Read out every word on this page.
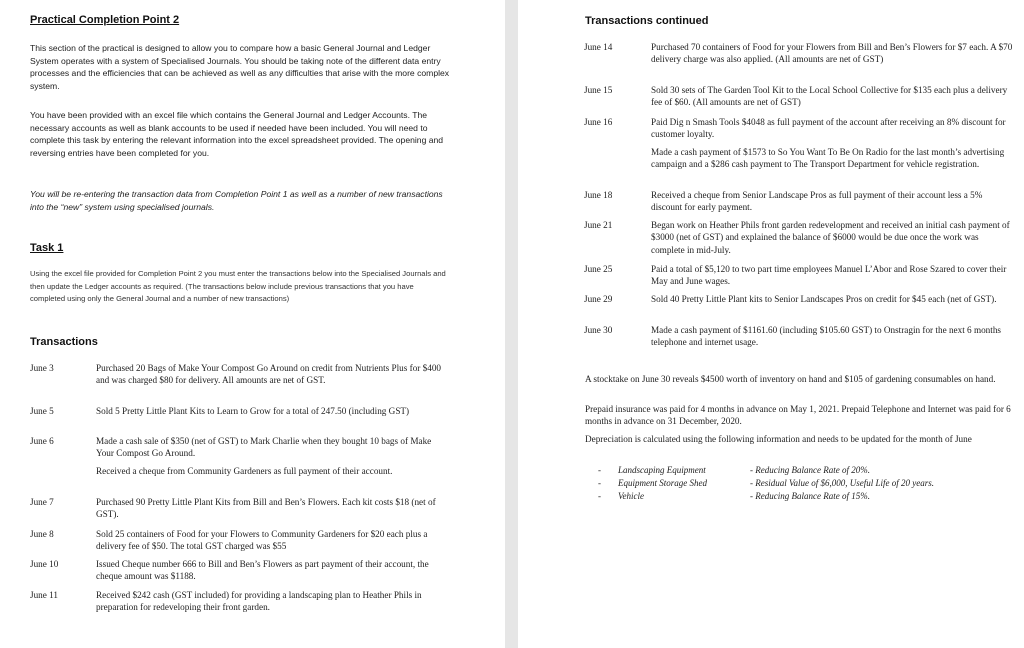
Practical Completion Point 2

This section of the practical is designed to allow you to compare how a basic General Journal and Ledger System operates with a system of Specialised Journals. You should be taking note of the different data entry processes and the efficiencies that can be achieved as well as any difficulties that arise with the more complex system.

You have been provided with an excel file which contains the General Journal and Ledger Accounts. The necessary accounts as well as blank accounts to be used if needed have been included. You will need to complete this task by entering the relevant information into the excel spreadsheet provided. The opening and reversing entries have been completed for you.

You will be re-entering the transaction data from Completion Point 1 as well as a number of new transactions into the “new” system using specialised journals.

Task 1

Using the excel file provided for Completion Point 2 you must enter the transactions below into the Specialised Journals and then update the Ledger accounts as required. (The transactions below include previous transactions that you have completed using only the General Journal and a number of new transactions)

Transactions
June 3	Purchased 20 Bags of Make Your Compost Go Around on credit from Nutrients Plus for $400 and was charged $80 for delivery. All amounts are net of GST.
June 5	Sold 5 Pretty Little Plant Kits to Learn to Grow for a total of 247.50 (including GST)
June 6	Made a cash sale of $350 (net of GST) to Mark Charlie when they bought 10 bags of Make Your Compost Go Around.
Received a cheque from Community Gardeners as full payment of their account.
June 7	Purchased 90 Pretty Little Plant Kits from Bill and Ben’s Flowers. Each kit costs $18 (net of GST).
June 8	Sold 25 containers of Food for your Flowers to Community Gardeners for $20 each plus a delivery fee of $50. The total GST charged was $55
June 10	Issued Cheque number 666 to Bill and Ben’s Flowers as part payment of their account, the cheque amount was $1188.
June 11	Received $242 cash (GST included) for providing a landscaping plan to Heather Phils in preparation for redeveloping their front garden.
Transactions continued
June 14	Purchased 70 containers of Food for your Flowers from Bill and Ben’s Flowers for $7 each. A $70 delivery charge was also applied. (All amounts are net of GST)
June 15	Sold 30 sets of The Garden Tool Kit to the Local School Collective for $135 each plus a delivery fee of $60. (All amounts are net of GST)
June 16	Paid Dig n Smash Tools $4048 as full payment of the account after receiving an 8% discount for customer loyalty.
Made a cash payment of $1573 to So You Want To Be On Radio for the last month’s advertising campaign and a $286 cash payment to The Transport Department for vehicle registration.
June 18	Received a cheque from Senior Landscape Pros as full payment of their account less a 5% discount for early payment.
June 21	Began work on Heather Phils front garden redevelopment and received an initial cash payment of $3000 (net of GST) and explained the balance of $6000 would be due once the work was complete in mid-July.
June 25	Paid a total of $5,120 to two part time employees Manuel L’Abor and Rose Szared to cover their May and June wages.
June 29	Sold 40 Pretty Little Plant kits to Senior Landscapes Pros on credit for $45 each (net of GST).
June 30	Made a cash payment of $1161.60 (including $105.60 GST) to Onstragin for the next 6 months telephone and internet usage.

A stocktake on June 30 reveals $4500 worth of inventory on hand and $105 of gardening consumables on hand.

Prepaid insurance was paid for 4 months in advance on May 1, 2021. Prepaid Telephone and Internet was paid for 6 months in advance on 31 December, 2020.

Depreciation is calculated using the following information and needs to be updated for the month of June

- Landscaping Equipment	- Reducing Balance Rate of 20%.
- Equipment Storage Shed	- Residual Value of $6,000, Useful Life of 20 years.
- Vehicle	- Reducing Balance Rate of 15%.
